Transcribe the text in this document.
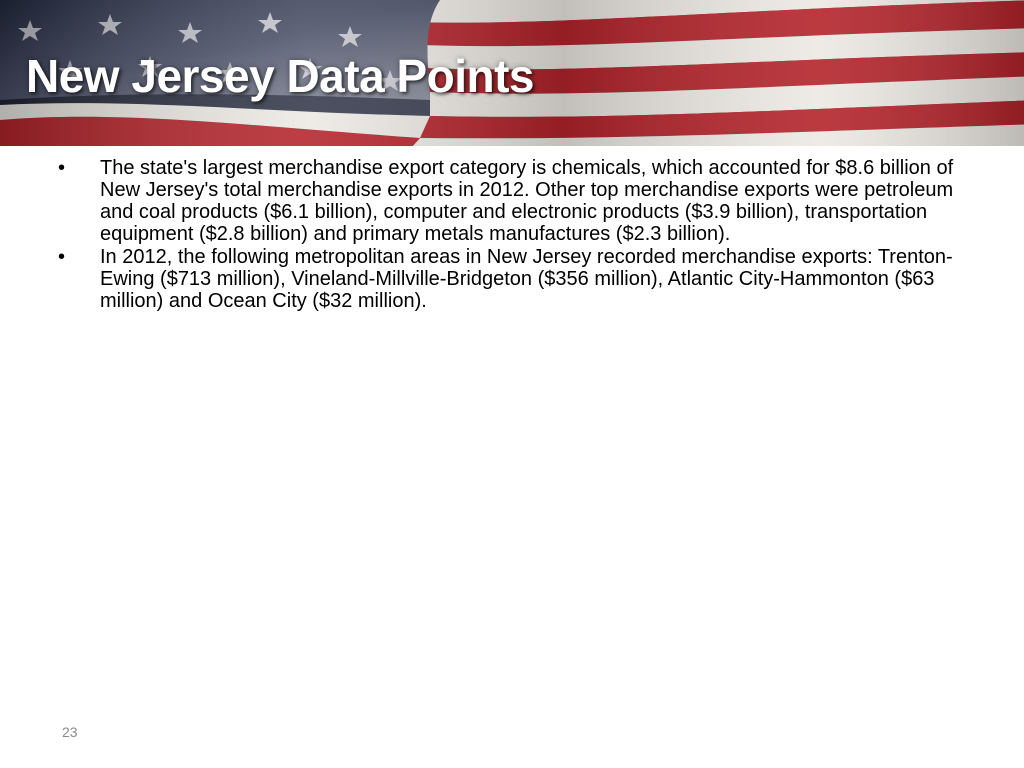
New Jersey Data Points
•	The state's largest merchandise export category is chemicals, which accounted for $8.6 billion of New Jersey's total merchandise exports in 2012. Other top merchandise exports were petroleum and coal products ($6.1 billion), computer and electronic products ($3.9 billion), transportation equipment ($2.8 billion) and primary metals manufactures ($2.3 billion).
•	In 2012, the following metropolitan areas in New Jersey recorded merchandise exports: Trenton-Ewing ($713 million), Vineland-Millville-Bridgeton ($356 million), Atlantic City-Hammonton ($63 million) and Ocean City ($32 million).
23
